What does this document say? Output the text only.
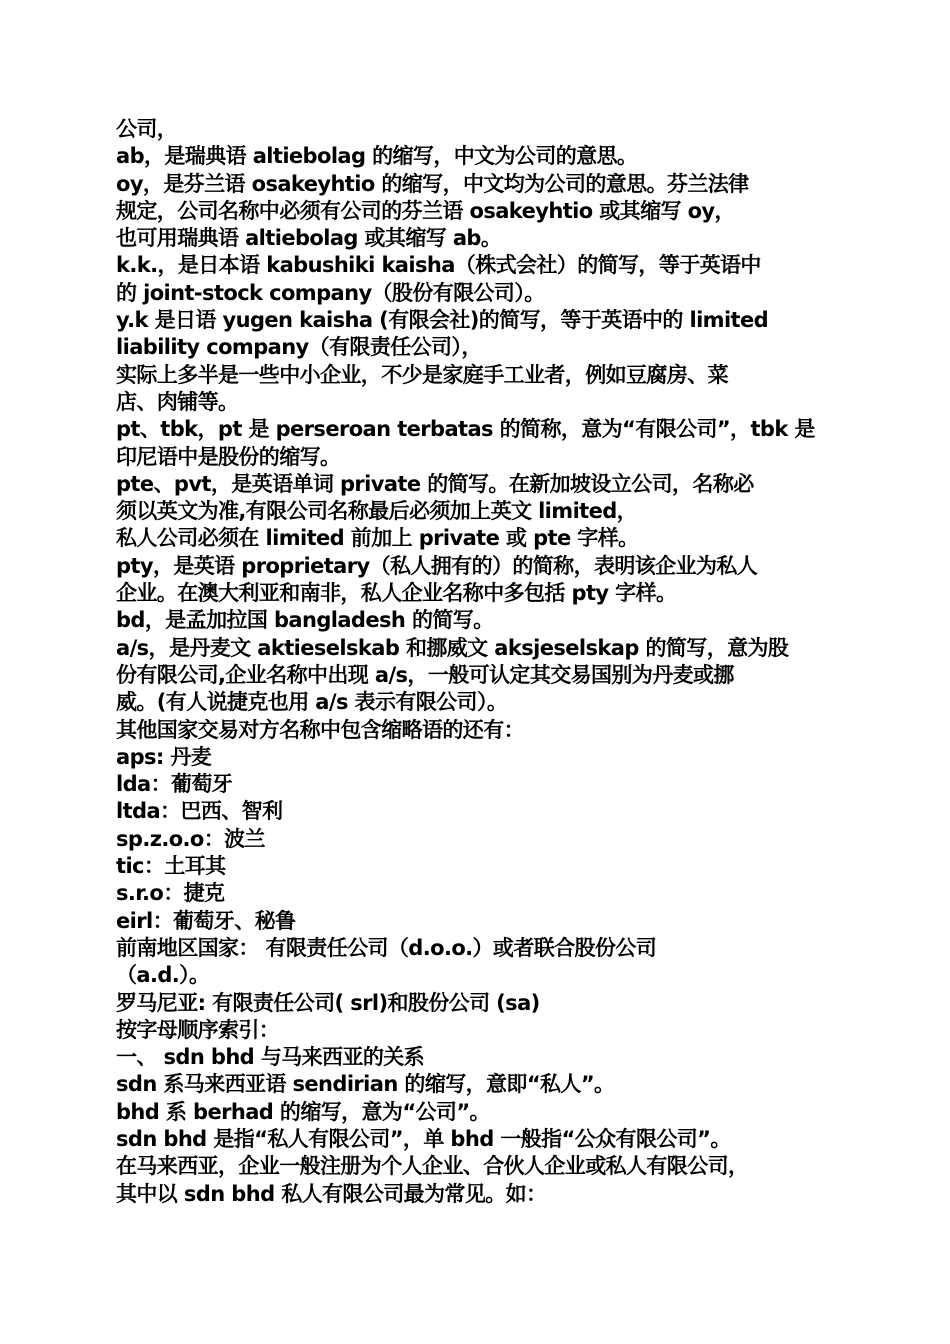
公司，
ab，是瑞典语 altiebolag 的缩写，中文为公司的意思。
oy，是芬兰语 osakeyhtio 的缩写，中文均为公司的意思。芬兰法律
规定，公司名称中必须有公司的芬兰语 osakeyhtio 或其缩写 oy，
也可用瑞典语 altiebolag 或其缩写 ab。
k.k.，是日本语 kabushiki kaisha（株式会社）的简写，等于英语中
的 joint-stock company（股份有限公司）。
y.k 是日语 yugen kaisha (有限会社)的简写，等于英语中的 limited
liability company（有限责任公司），
实际上多半是一些中小企业，不少是家庭手工业者，例如豆腐房、菜
店、肉铺等。
pt、tbk，pt 是 perseroan terbatas 的简称，意为“有限公司”，tbk 是
印尼语中是股份的缩写。
pte、pvt，是英语单词 private 的简写。在新加坡设立公司，名称必
须以英文为准,有限公司名称最后必须加上英文 limited，
私人公司必须在 limited 前加上 private 或 pte 字样。
pty，是英语 proprietary（私人拥有的）的简称，表明该企业为私人
企业。在澳大利亚和南非，私人企业名称中多包括 pty 字样。
bd，是孟加拉国 bangladesh 的简写。
a/s，是丹麦文 aktieselskab 和挪威文 aksjeselskap 的简写，意为股
份有限公司,企业名称中出现 a/s，一般可认定其交易国别为丹麦或挪
威。(有人说捷克也用 a/s 表示有限公司）。
其他国家交易对方名称中包含缩略语的还有：
aps: 丹麦
lda：葡萄牙
ltda：巴西、智利
sp.z.o.o：波兰
tic：土耳其
s.r.o：捷克
eirl：葡萄牙、秘鲁
前南地区国家： 有限责任公司（d.o.o.）或者联合股份公司
（a.d.）。
罗马尼亚: 有限责任公司( srl)和股份公司 (sa)
按字母顺序索引：
一、 sdn bhd 与马来西亚的关系
sdn 系马来西亚语 sendirian 的缩写，意即“私人”。
bhd 系 berhad 的缩写，意为“公司”。
sdn bhd 是指“私人有限公司”，单 bhd 一般指“公众有限公司”。
在马来西亚，企业一般注册为个人企业、合伙人企业或私人有限公司，
其中以 sdn bhd 私人有限公司最为常见。如：
